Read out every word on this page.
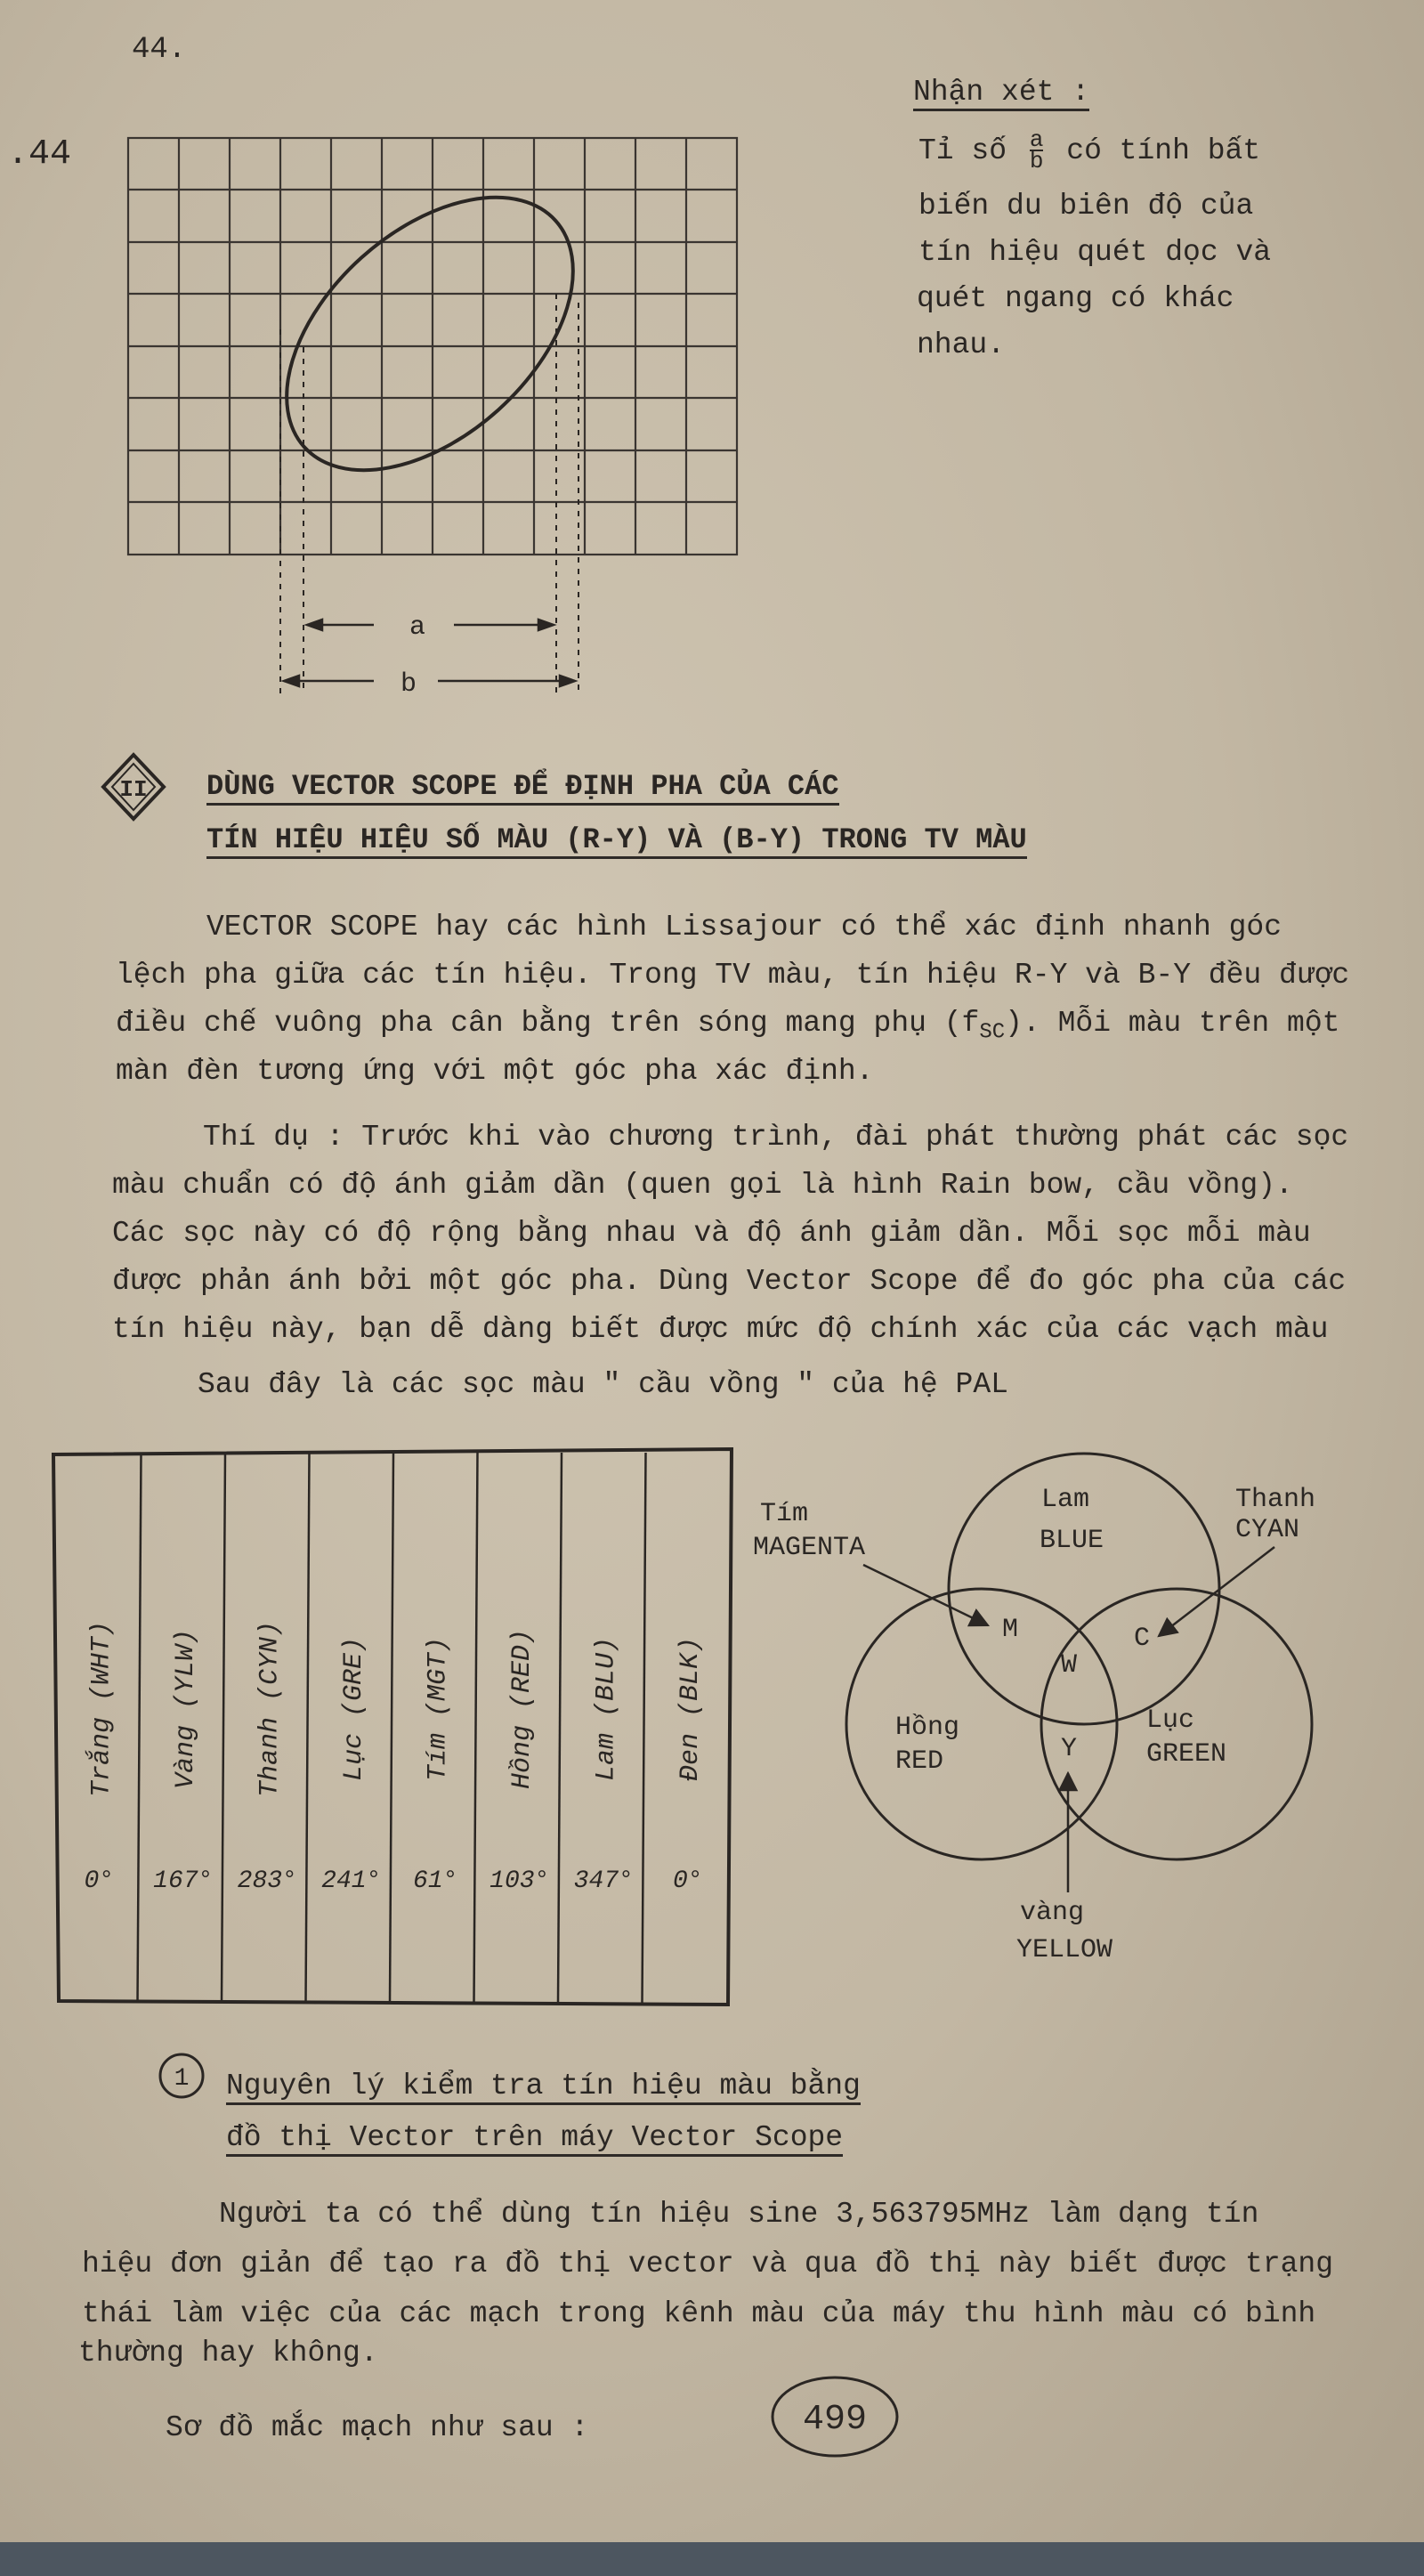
44.
.44
a
b
Nhận xét :
Tỉ số $\frac{a}{b}$ có tính bất
biến du biên độ của
tín hiệu quét dọc và
quét ngang có khác
nhau.
II DÙNG VECTOR SCOPE ĐỂ ĐỊNH PHA CỦA CÁC
TÍN HIỆU HIỆU SỐ MÀU (R-Y) VÀ (B-Y) TRONG TV MÀU
VECTOR SCOPE hay các hình Lissajour có thể xác định nhanh góc
lệch pha giữa các tín hiệu. Trong TV màu, tín hiệu R-Y và B-Y đều được
điều chế vuông pha cân bằng trên sóng mang phụ $(f_{SC})$. Mỗi màu trên một
màn đèn tương ứng với một góc pha xác định.
Thí dụ : Trước khi vào chương trình, đài phát thường phát các sọc
màu chuẩn có độ ánh giảm dần (quen gọi là hình Rain bow, cầu vồng).
Các sọc này có độ rộng bằng nhau và độ ánh giảm dần. Mỗi sọc mỗi màu
được phản ánh bởi một góc pha. Dùng Vector Scope để đo góc pha của các
tín hiệu này, bạn dễ dàng biết được mức độ chính xác của các vạch màu
Sau đây là các sọc màu " cầu vồng " của hệ PAL
Trắng (WHT) Vàng (YLW) Thanh (CYN) Lục (GRE) Tím (MGT) Hồng (RED) Lam (BLU) Đen (BLK)
0° 167° 283° 241° 61° 103° 347° 0°
Lam
BLUE
Thanh
CYAN
Tím
MAGENTA
Hồng
RED
Lục
GREEN
vàng
YELLOW
M	C
W
Y
1 Nguyên lý kiểm tra tín hiệu màu bằng
đồ thị Vector trên máy Vector Scope
Người ta có thể dùng tín hiệu sine 3,563795MHz làm dạng tín
hiệu đơn giản để tạo ra đồ thị vector và qua đồ thị này biết được trạng
thái làm việc của các mạch trong kênh màu của máy thu hình màu có bình
thường hay không.
Sơ đồ mắc mạch như sau :	499
